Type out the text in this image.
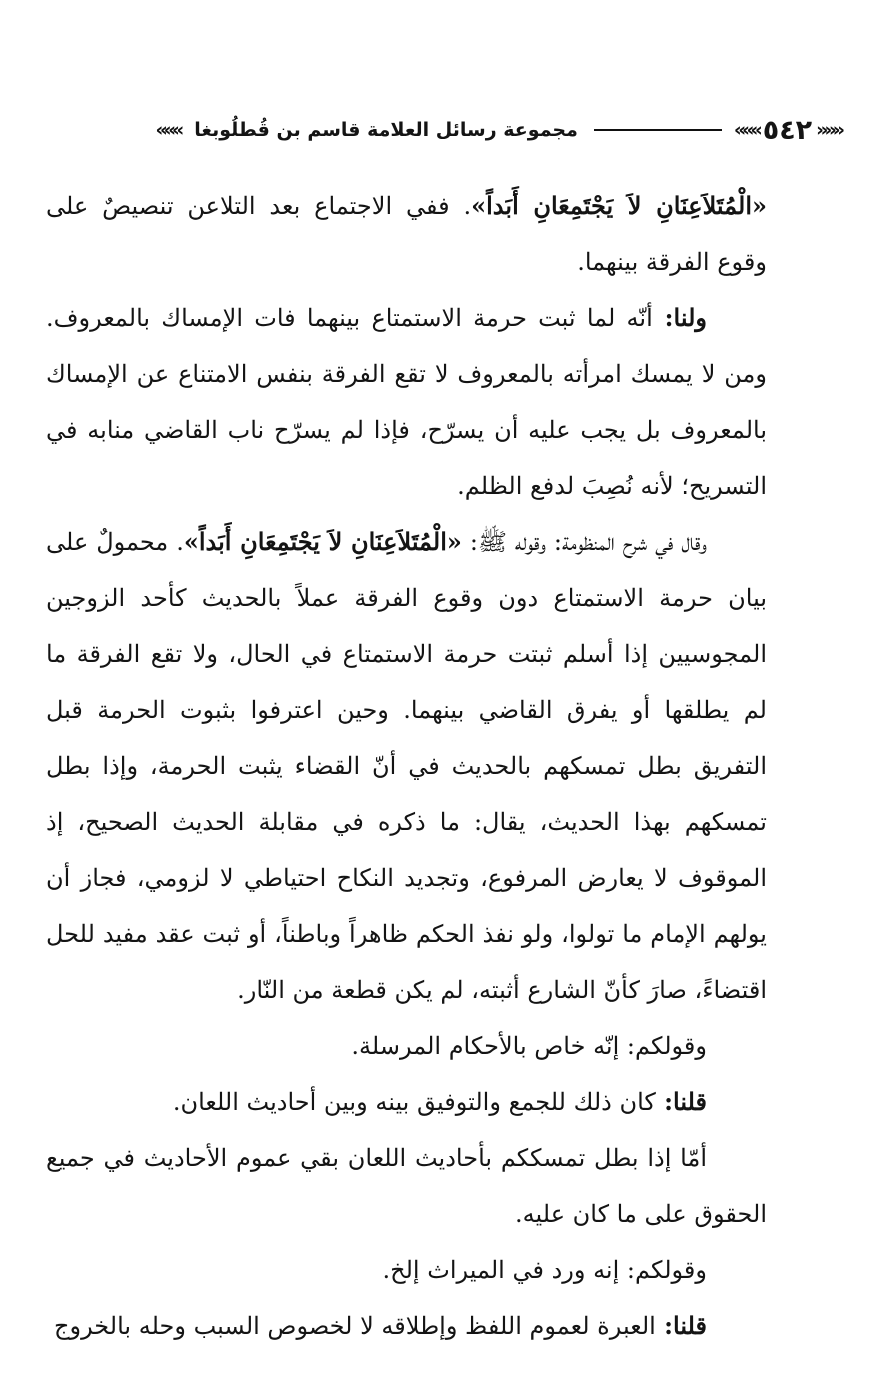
«««
٥٤٢
»»»
مجموعة رسائل العلامة قاسم بن قُطلُوبغا
»»»

«الْمُتَلاَعِنَانِ لاَ يَجْتَمِعَانِ أَبَداً». ففي الاجتماع بعد التلاعن تنصيصٌ على وقوع الفرقة بينهما.

ولنا: أنّه لما ثبت حرمة الاستمتاع بينهما فات الإمساك بالمعروف. ومن لا يمسك امرأته بالمعروف لا تقع الفرقة بنفس الامتناع عن الإمساك بالمعروف بل يجب عليه أن يسرّح، فإذا لم يسرّح ناب القاضي منابه في التسريح؛ لأنه نُصِبَ لدفع الظلم.

وقال في شرح المنظومة: وقوله ﷺ: «الْمُتَلاَعِنَانِ لاَ يَجْتَمِعَانِ أَبَداً». محمولٌ على بيان حرمة الاستمتاع دون وقوع الفرقة عملاً بالحديث كأحد الزوجين المجوسيين إذا أسلم ثبتت حرمة الاستمتاع في الحال، ولا تقع الفرقة ما لم يطلقها أو يفرق القاضي بينهما. وحين اعترفوا بثبوت الحرمة قبل التفريق بطل تمسكهم بالحديث في أنّ القضاء يثبت الحرمة، وإذا بطل تمسكهم بهذا الحديث، يقال: ما ذكره في مقابلة الحديث الصحيح، إذ الموقوف لا يعارض المرفوع، وتجديد النكاح احتياطي لا لزومي، فجاز أن يولهم الإمام ما تولوا، ولو نفذ الحكم ظاهراً وباطناً، أو ثبت عقد مفيد للحل اقتضاءً، صارَ كأنّ الشارع أثبته، لم يكن قطعة من النّار.

وقولكم: إنّه خاص بالأحكام المرسلة.

قلنا: كان ذلك للجمع والتوفيق بينه وبين أحاديث اللعان.

أمّا إذا بطل تمسككم بأحاديث اللعان بقي عموم الأحاديث في جميع الحقوق على ما كان عليه.

وقولكم: إنه ورد في الميراث إلخ.

قلنا: العبرة لعموم اللفظ وإطلاقه لا لخصوص السبب وحله بالخروج
